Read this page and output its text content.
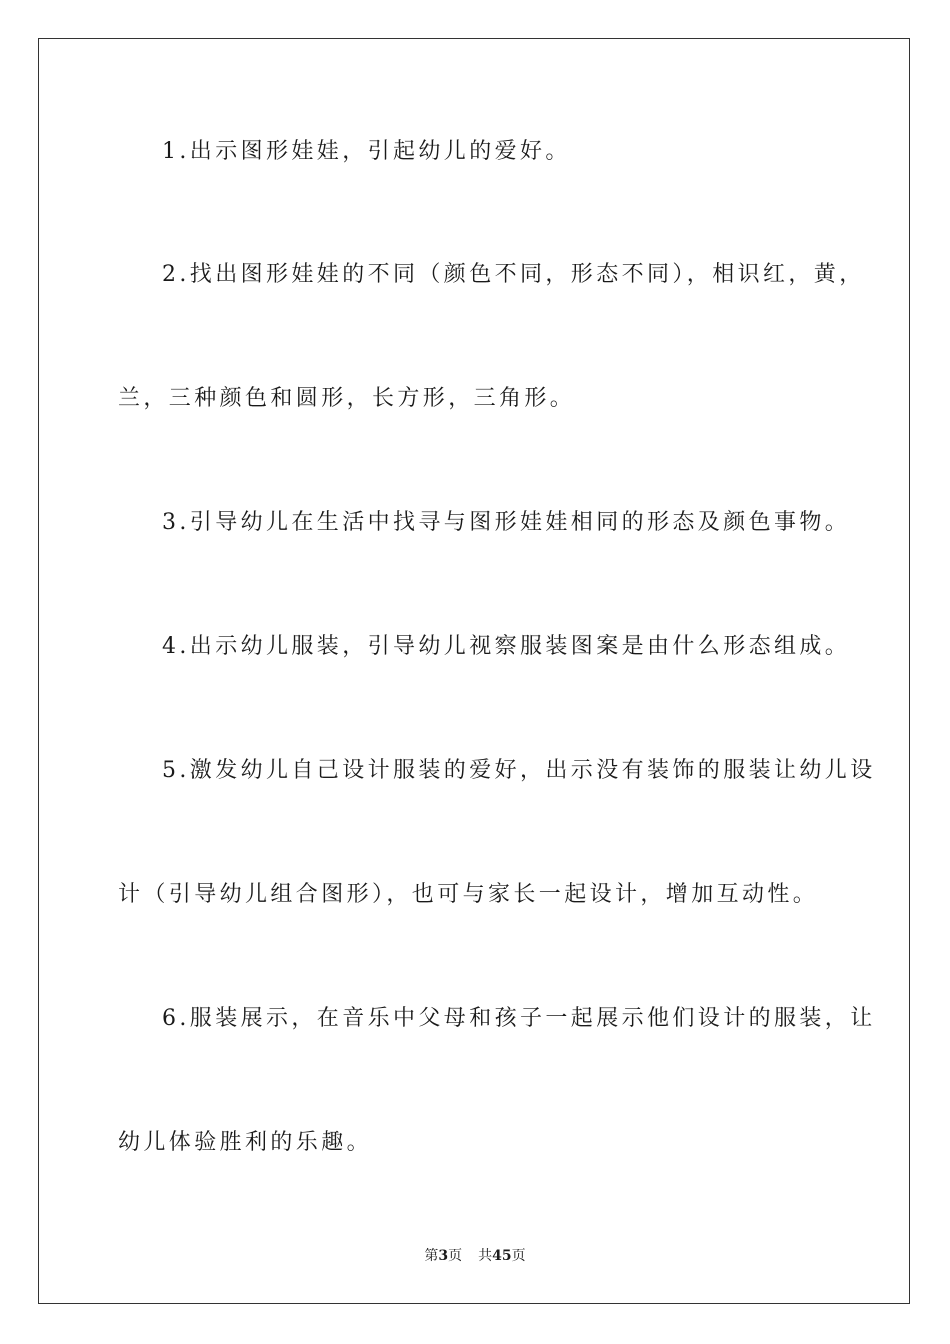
1.出示图形娃娃，引起幼儿的爱好。
2.找出图形娃娃的不同（颜色不同，形态不同），相识红，黄，
兰，三种颜色和圆形，长方形，三角形。
3.引导幼儿在生活中找寻与图形娃娃相同的形态及颜色事物。
4.出示幼儿服装，引导幼儿视察服装图案是由什么形态组成。
5.激发幼儿自己设计服装的爱好，出示没有装饰的服装让幼儿设
计（引导幼儿组合图形），也可与家长一起设计，增加互动性。
6.服装展示，在音乐中父母和孩子一起展示他们设计的服装，让
幼儿体验胜利的乐趣。
第3页 共45页
